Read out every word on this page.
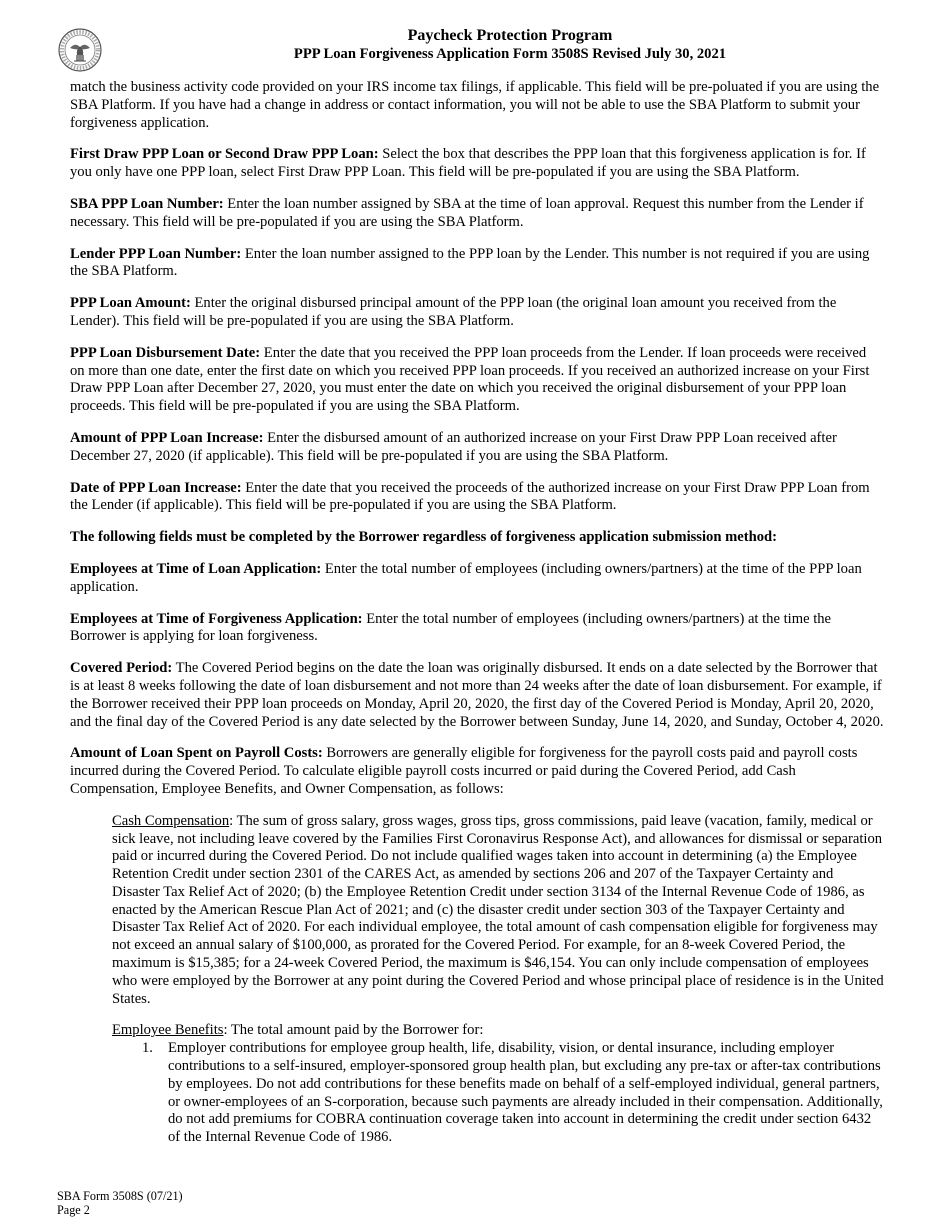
Paycheck Protection Program
PPP Loan Forgiveness Application Form 3508S Revised July 30, 2021

match the business activity code provided on your IRS income tax filings, if applicable. This field will be pre-poluated if you are using the SBA Platform. If you have had a change in address or contact information, you will not be able to use the SBA Platform to submit your forgiveness application.

First Draw PPP Loan or Second Draw PPP Loan: Select the box that describes the PPP loan that this forgiveness application is for. If you only have one PPP loan, select First Draw PPP Loan. This field will be pre-populated if you are using the SBA Platform.

SBA PPP Loan Number: Enter the loan number assigned by SBA at the time of loan approval. Request this number from the Lender if necessary. This field will be pre-populated if you are using the SBA Platform.

Lender PPP Loan Number: Enter the loan number assigned to the PPP loan by the Lender. This number is not required if you are using the SBA Platform.

PPP Loan Amount: Enter the original disbursed principal amount of the PPP loan (the original loan amount you received from the Lender). This field will be pre-populated if you are using the SBA Platform.

PPP Loan Disbursement Date: Enter the date that you received the PPP loan proceeds from the Lender. If loan proceeds were received on more than one date, enter the first date on which you received PPP loan proceeds. If you received an authorized increase on your First Draw PPP Loan after December 27, 2020, you must enter the date on which you received the original disbursement of your PPP loan proceeds. This field will be pre-populated if you are using the SBA Platform.

Amount of PPP Loan Increase: Enter the disbursed amount of an authorized increase on your First Draw PPP Loan received after December 27, 2020 (if applicable). This field will be pre-populated if you are using the SBA Platform.

Date of PPP Loan Increase: Enter the date that you received the proceeds of the authorized increase on your First Draw PPP Loan from the Lender (if applicable). This field will be pre-populated if you are using the SBA Platform.

The following fields must be completed by the Borrower regardless of forgiveness application submission method:

Employees at Time of Loan Application: Enter the total number of employees (including owners/partners) at the time of the PPP loan application.

Employees at Time of Forgiveness Application: Enter the total number of employees (including owners/partners) at the time the Borrower is applying for loan forgiveness.

Covered Period: The Covered Period begins on the date the loan was originally disbursed. It ends on a date selected by the Borrower that is at least 8 weeks following the date of loan disbursement and not more than 24 weeks after the date of loan disbursement. For example, if the Borrower received their PPP loan proceeds on Monday, April 20, 2020, the first day of the Covered Period is Monday, April 20, 2020, and the final day of the Covered Period is any date selected by the Borrower between Sunday, June 14, 2020, and Sunday, October 4, 2020.

Amount of Loan Spent on Payroll Costs: Borrowers are generally eligible for forgiveness for the payroll costs paid and payroll costs incurred during the Covered Period. To calculate eligible payroll costs incurred or paid during the Covered Period, add Cash Compensation, Employee Benefits, and Owner Compensation, as follows:

Cash Compensation: The sum of gross salary, gross wages, gross tips, gross commissions, paid leave (vacation, family, medical or sick leave, not including leave covered by the Families First Coronavirus Response Act), and allowances for dismissal or separation paid or incurred during the Covered Period. Do not include qualified wages taken into account in determining (a) the Employee Retention Credit under section 2301 of the CARES Act, as amended by sections 206 and 207 of the Taxpayer Certainty and Disaster Tax Relief Act of 2020; (b) the Employee Retention Credit under section 3134 of the Internal Revenue Code of 1986, as enacted by the American Rescue Plan Act of 2021; and (c) the disaster credit under section 303 of the Taxpayer Certainty and Disaster Tax Relief Act of 2020. For each individual employee, the total amount of cash compensation eligible for forgiveness may not exceed an annual salary of $100,000, as prorated for the Covered Period. For example, for an 8-week Covered Period, the maximum is $15,385; for a 24-week Covered Period, the maximum is $46,154. You can only include compensation of employees who were employed by the Borrower at any point during the Covered Period and whose principal place of residence is in the United States.

Employee Benefits: The total amount paid by the Borrower for:

1. Employer contributions for employee group health, life, disability, vision, or dental insurance, including employer contributions to a self-insured, employer-sponsored group health plan, but excluding any pre-tax or after-tax contributions by employees. Do not add contributions for these benefits made on behalf of a self-employed individual, general partners, or owner-employees of an S-corporation, because such payments are already included in their compensation. Additionally, do not add premiums for COBRA continuation coverage taken into account in determining the credit under section 6432 of the Internal Revenue Code of 1986.
SBA Form 3508S (07/21)
Page 2
